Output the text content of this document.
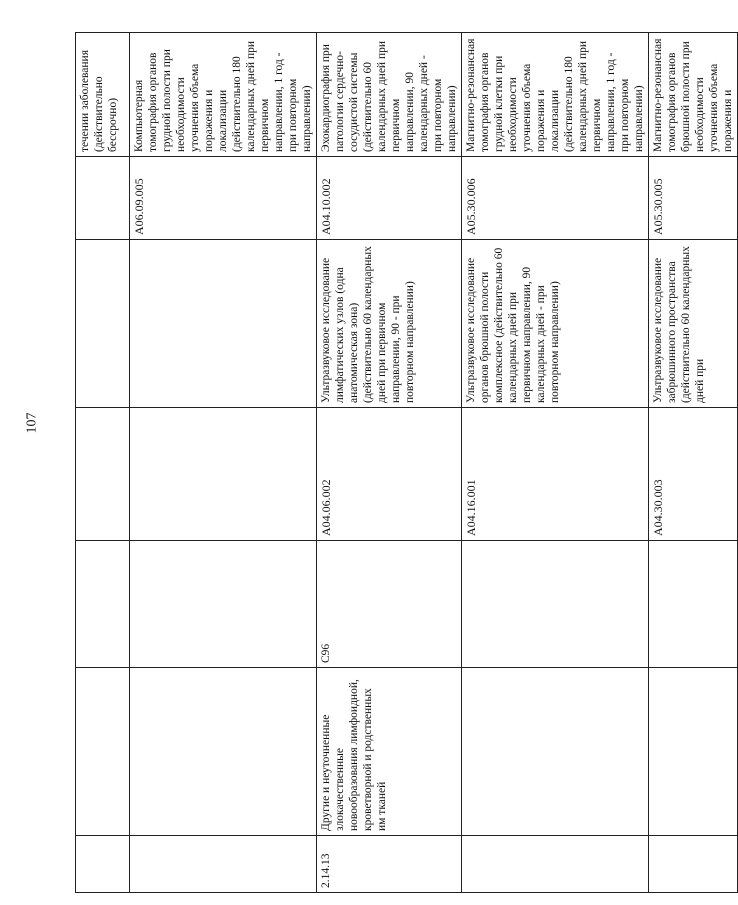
107
						течении заболевания (действительно бессрочно)
					A06.09.005	Компьютерная томография органов грудной полости при необходимости уточнения объема поражения и локализации (действительно 180 календарных дней при первичном направлении, 1 год - при повторном направлении)
2.14.13	Другие и неуточненные злокачественные новообразования лимфоидной, кроветворной и родственных им тканей	C96	A04.06.002	Ультразвуковое исследование лимфатических узлов (одна анатомическая зона) (действительно 60 календарных дней при первичном направлении, 90 - при повторном направлении)	A04.10.002	Эхокардиография при патологии сердечно-сосудистой системы (действительно 60 календарных дней при первичном направлении, 90 календарных дней - при повторном направлении)
			A04.16.001	Ультразвуковое исследование органов брюшной полости комплексное (действительно 60 календарных дней при первичном направлении, 90 календарных дней - при повторном направлении)	A05.30.006	Магнитно-резонансная томография органов грудной клетки при необходимости уточнения объема поражения и локализации (действительно 180 календарных дней при первичном направлении, 1 год - при повторном направлении)
			A04.30.003	Ультразвуковое исследование забрюшинного пространства (действительно 60 календарных дней при	A05.30.005	Магнитно-резонансная томография органов брюшной полости при необходимости уточнения объема поражения и
